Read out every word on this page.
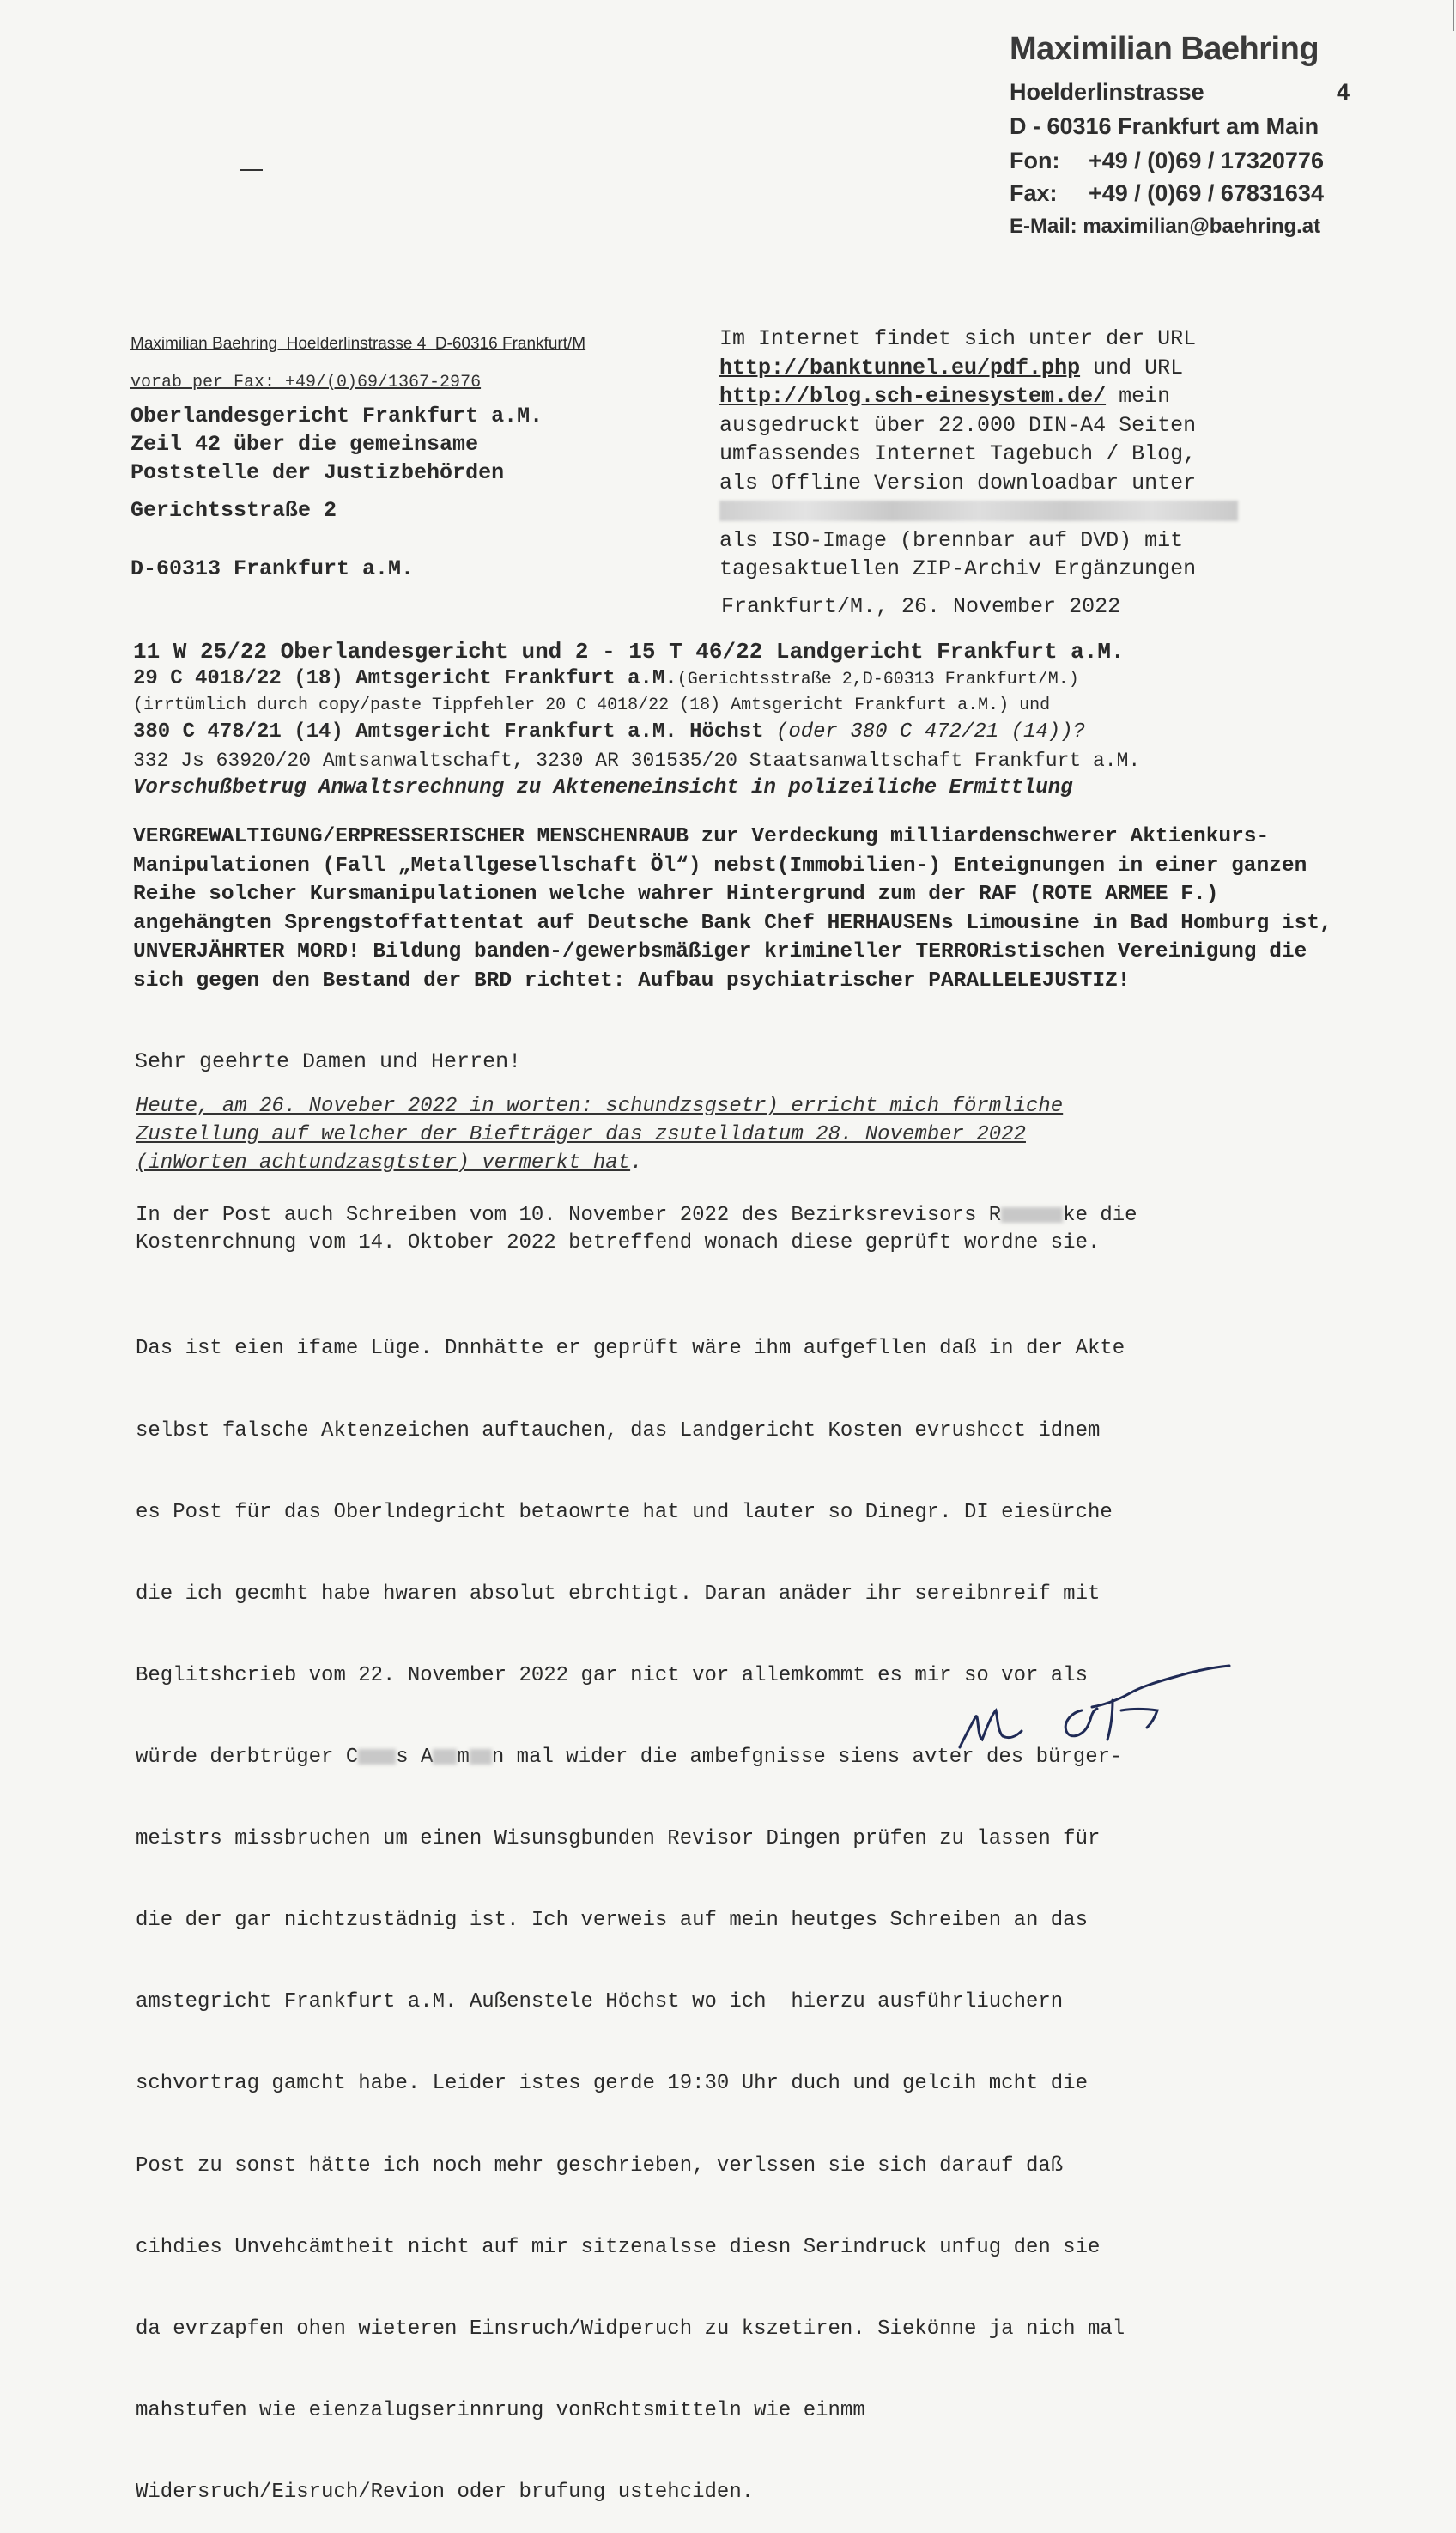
Maximilian Baehring
Hoelderlinstrasse	4
D - 60316 Frankfurt am Main
Fon: +49 / (0)69 / 17320776
Fax: +49 / (0)69 / 67831634
E-Mail: maximilian@baehring.at
Maximilian Baehring  Hoelderlinstrasse 4  D-60316 Frankfurt/M
vorab per Fax: +49/(0)69/1367-2976
Oberlandesgericht Frankfurt a.M.
Zeil 42 über die gemeinsame
Poststelle der Justizbehörden
Gerichtsstraße 2
D-60313 Frankfurt a.M.
Im Internet findet sich unter der URL
http://banktunnel.eu/pdf.php und URL
http://blog.sch-einesystem.de/ mein
ausgedruckt über 22.000 DIN-A4 Seiten
umfassendes Internet Tagebuch / Blog,
als Offline Version downloadbar unter
als ISO-Image (brennbar auf DVD) mit
tagesaktuellen ZIP-Archiv Ergänzungen
Frankfurt/M., 26. November 2022
11 W 25/22 Oberlandesgericht und 2 - 15 T 46/22 Landgericht Frankfurt a.M.
29 C 4018/22 (18) Amtsgericht Frankfurt a.M.(Gerichtsstraße 2,D-60313 Frankfurt/M.)
(irrtümlich durch copy/paste Tippfehler 20 C 4018/22 (18) Amtsgericht Frankfurt a.M.) und
380 C 478/21 (14) Amtsgericht Frankfurt a.M. Höchst (oder 380 C 472/21 (14))?
332 Js 63920/20 Amtsanwaltschaft, 3230 AR 301535/20 Staatsanwaltschaft Frankfurt a.M.
Vorschußbetrug Anwaltsrechnung zu Akteneneinsicht in polizeiliche Ermittlung
VERGREWALTIGUNG/ERPRESSERISCHER MENSCHENRAUB zur Verdeckung milliardenschwerer Aktienkurs-Manipulationen (Fall „Metallgesellschaft Öl“) nebst(Immobilien-) Enteignungen in einer ganzen Reihe solcher Kursmanipulationen welche wahrer Hintergrund zum der RAF (ROTE ARMEE F.) angehängten Sprengstoffattentat auf Deutsche Bank Chef HERHAUSENs Limousine in Bad Homburg ist, UNVERJÄHRTER MORD! Bildung banden-/gewerbsmäßiger krimineller TERRORistischen Vereinigung die sich gegen den Bestand der BRD richtet: Aufbau psychiatrischer PARALLELEJUSTIZ!
Sehr geehrte Damen und Herren!
Heute, am 26. Noveber 2022 in worten: schundzsgsetr) erricht mich förmliche
Zustellung auf welcher der Bieftrӓger das zsutelldatum 28. November 2022
(inWorten achtundzasgtster) vermerkt hat.
In der Post auch Schreiben vom 10. November 2022 des Bezirksrevisors R	ke die
Kostenrchnung vom 14. Oktober 2022 betreffend wonach diese geprüft wordne sie.

Das ist eien ifame Lüge. Dnnhätte er geprüft wäre ihm aufgefllen daß in der Akte

selbst falsche Aktenzeichen auftauchen, das Landgericht Kosten evrushcct idnem

es Post für das Oberlndegricht betaowrte hat und lauter so Dinegr. DI eiesürche

die ich gecmht habe hwaren absolut ebrchtigt. Daran anäder ihr sereibnreif mit

Beglitshcrieb vom 22. November 2022 gar nict vor allemkommt es mir so vor als

würde derbtrüger C s A m n mal wider die ambefgnisse siens avter des bürger-

meistrs missbruchen um einen Wisunsgbunden Revisor Dingen prüfen zu lassen für

die der gar nichtzustädnig ist. Ich verweis auf mein heutges Schreiben an das

amstegricht Frankfurt a.M. Außenstele Höchst wo ich  hierzu ausführliuchern

schvortrag gamcht habe. Leider istes gerde 19:30 Uhr duch und gelcih mcht die

Post zu sonst hätte ich noch mehr geschrieben, verlssen sie sich darauf daß

cihdies Unvehcämtheit nicht auf mir sitzenalsse diesn Serindruck unfug den sie

da evrzapfen ohen wieteren Einsruch/Widperuch zu kszetiren. Siekönne ja nich mal

mahstufen wie eienzalugserinnrung vonRchtsmitteln wie einmm

Widersruch/Eisruch/Revion oder brufung ustehciden.
